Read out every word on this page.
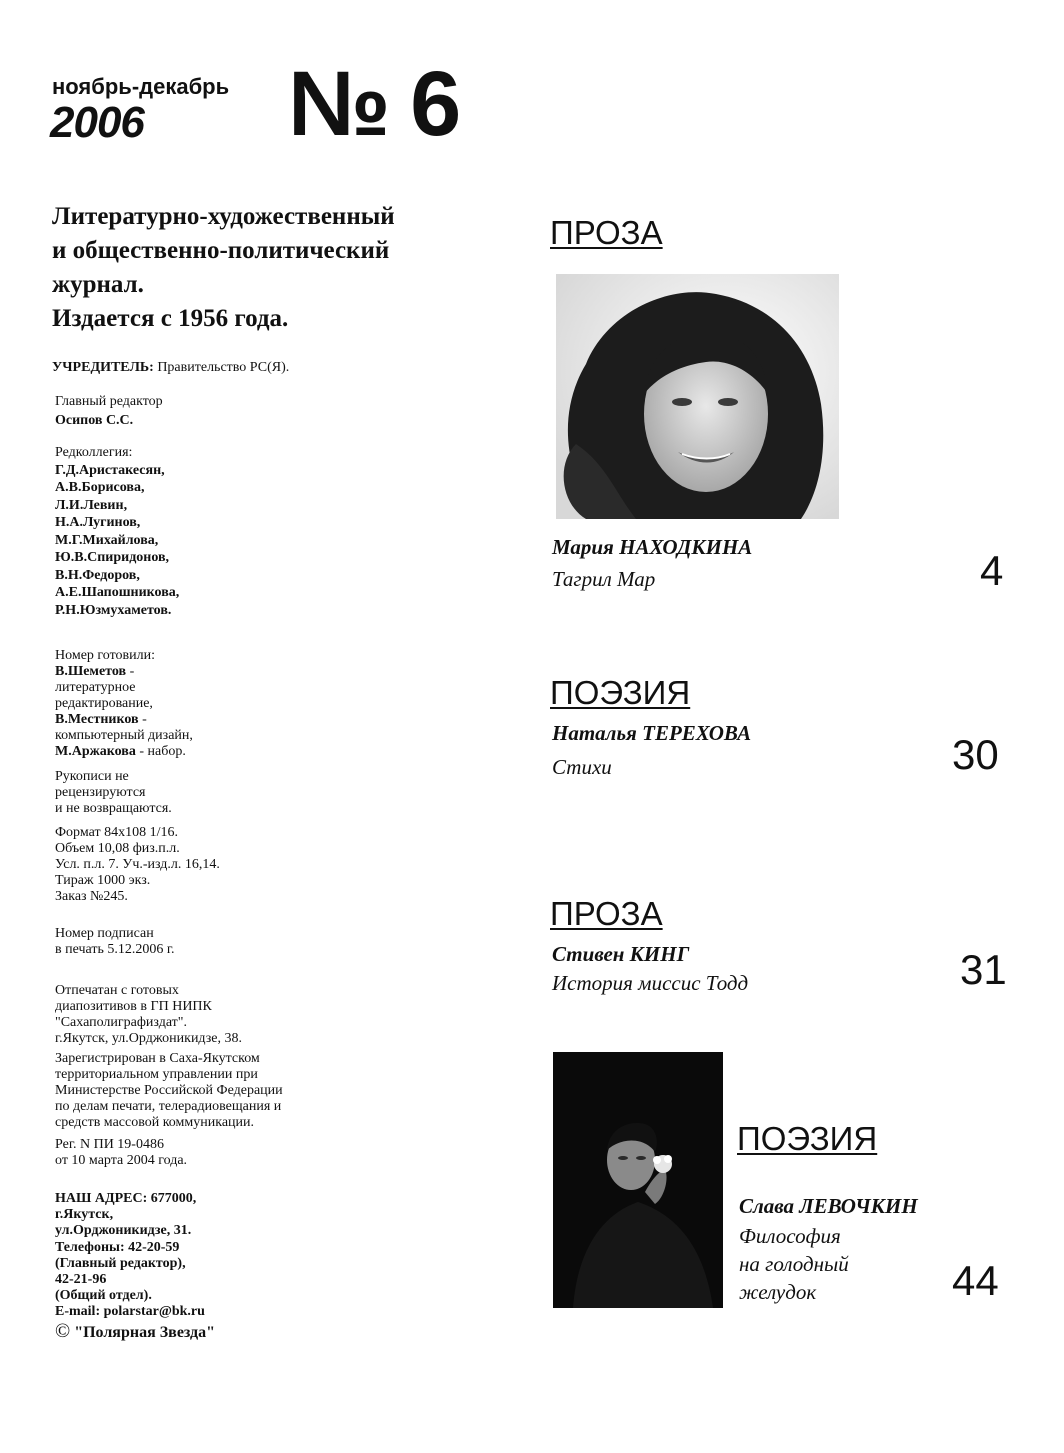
ноябрь-декабрь
2006 № 6
Литературно-художественный
и общественно-политический
журнал.
Издается с 1956 года.
УЧРЕДИТЕЛЬ: Правительство РС(Я).
Главный редактор
Осипов С.С.
Редколлегия:
Г.Д.Аристакесян,
А.В.Борисова,
Л.И.Левин,
Н.А.Лугинов,
М.Г.Михайлова,
Ю.В.Спиридонов,
В.Н.Федоров,
А.Е.Шапошникова,
Р.Н.Юзмухаметов.
Номер готовили:
В.Шеметов -
литературное
редактирование,
В.Местников -
компьютерный дизайн,
М.Аржакова - набор.
Рукописи не
рецензируются
и не возвращаются.
Формат 84х108 1/16.
Объем 10,08 физ.п.л.
Усл. п.л. 7. Уч.-изд.л. 16,14.
Тираж 1000 экз.
Заказ №245.
Номер подписан
в печать 5.12.2006 г.
Отпечатан с готовых
диапозитивов в ГП НИПК
"Сахаполиграфиздат".
г.Якутск, ул.Орджоникидзе, 38.
Зарегистрирован в Саха-Якутском
территориальном управлении при
Министерстве Российской Федерации
по делам печати, телерадиовещания и
средств массовой коммуникации.
Рег. N ПИ 19-0486
от 10 марта 2004 года.
НАШ АДРЕС: 677000,
г.Якутск,
ул.Орджоникидзе, 31.
Телефоны: 42-20-59
(Главный редактор),
42-21-96
(Общий отдел).
E-mail: polarstar@bk.ru
© "Полярная Звезда"
ПРОЗА
Мария НАХОДКИНА
Тагрил Мар	4
ПОЭЗИЯ
Наталья ТЕРЕХОВА
Стихи	30
ПРОЗА
Стивен КИНГ
История миссис Тодд	31
ПОЭЗИЯ
Слава ЛЕВОЧКИН
Философия
на голодный
желудок	44
